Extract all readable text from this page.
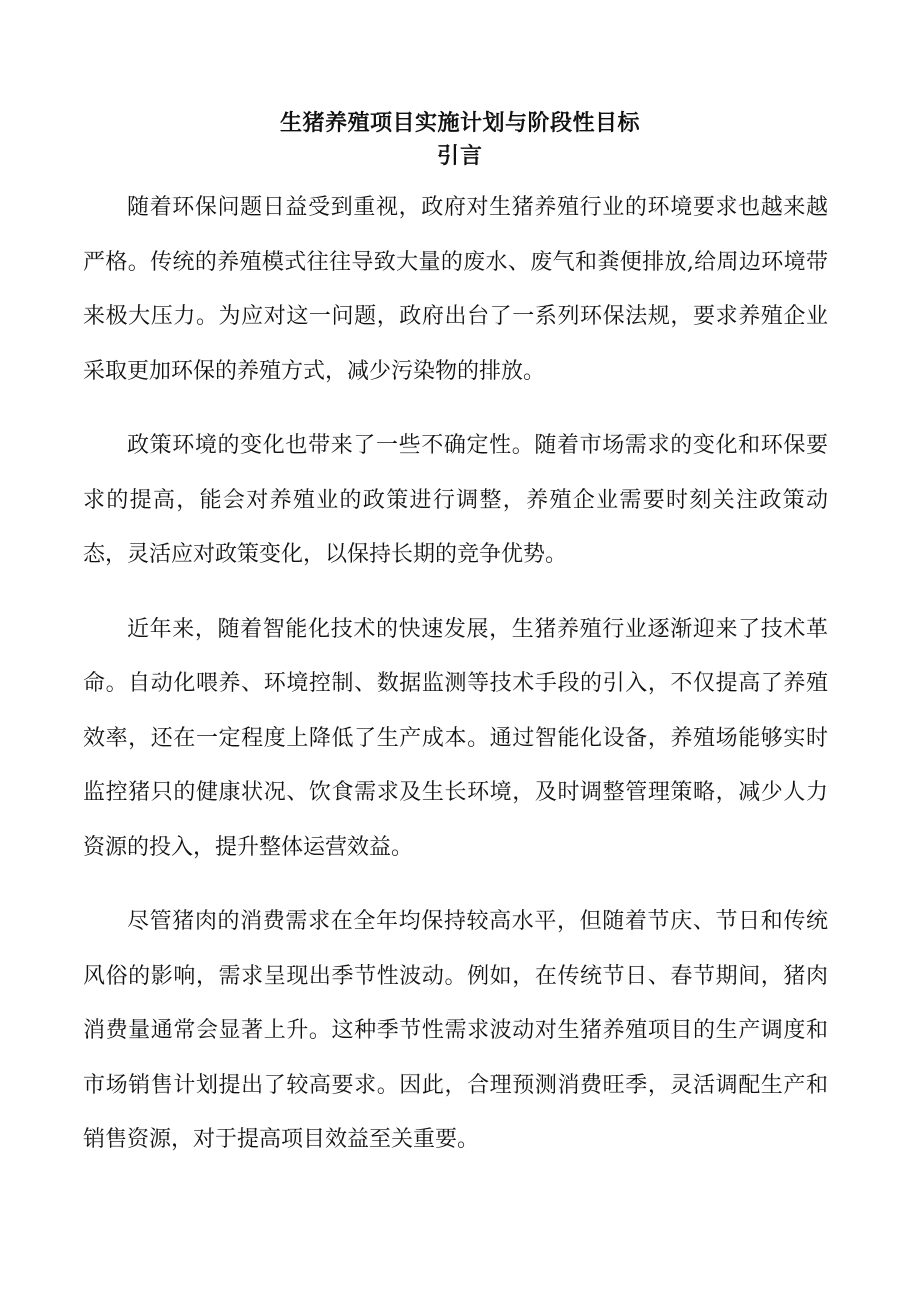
生猪养殖项目实施计划与阶段性目标
引言

随着环保问题日益受到重视，政府对生猪养殖行业的环境要求也越来越严格。传统的养殖模式往往导致大量的废水、废气和粪便排放,给周边环境带来极大压力。为应对这一问题，政府出台了一系列环保法规，要求养殖企业采取更加环保的养殖方式，减少污染物的排放。

政策环境的变化也带来了一些不确定性。随着市场需求的变化和环保要求的提高，能会对养殖业的政策进行调整，养殖企业需要时刻关注政策动态，灵活应对政策变化，以保持长期的竞争优势。

近年来，随着智能化技术的快速发展，生猪养殖行业逐渐迎来了技术革命。自动化喂养、环境控制、数据监测等技术手段的引入，不仅提高了养殖效率，还在一定程度上降低了生产成本。通过智能化设备，养殖场能够实时监控猪只的健康状况、饮食需求及生长环境，及时调整管理策略，减少人力资源的投入，提升整体运营效益。

尽管猪肉的消费需求在全年均保持较高水平，但随着节庆、节日和传统风俗的影响，需求呈现出季节性波动。例如，在传统节日、春节期间，猪肉消费量通常会显著上升。这种季节性需求波动对生猪养殖项目的生产调度和市场销售计划提出了较高要求。因此，合理预测消费旺季，灵活调配生产和销售资源，对于提高项目效益至关重要。
